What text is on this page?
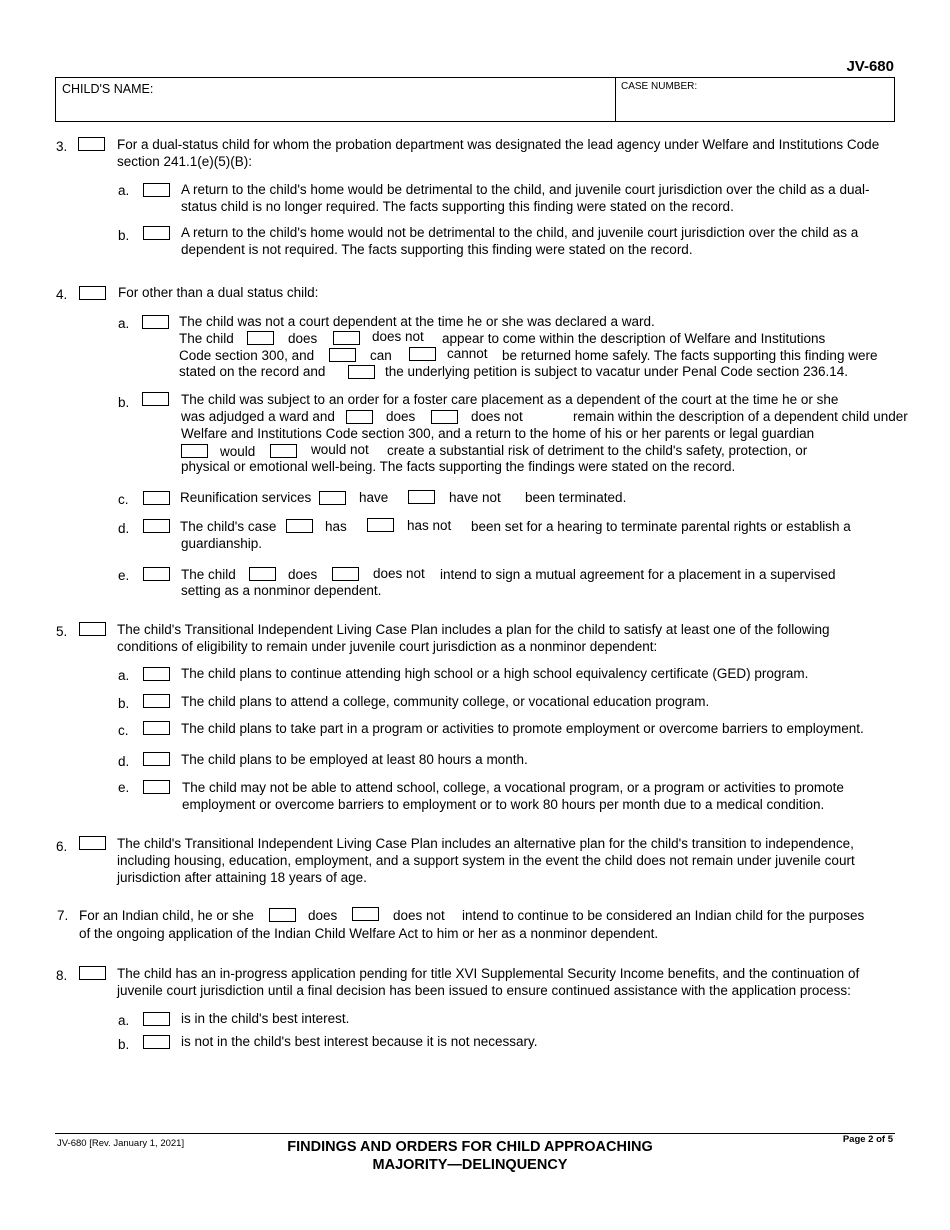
JV-680
CHILD'S NAME:	CASE NUMBER:
3.	For a dual-status child for whom the probation department was designated the lead agency under Welfare and Institutions Code section 241.1(e)(5)(B):
a.	A return to the child's home would be detrimental to the child, and juvenile court jurisdiction over the child as a dual-status child is no longer required. The facts supporting this finding were stated on the record.
b.	A return to the child's home would not be detrimental to the child, and juvenile court jurisdiction over the child as a dependent is not required. The facts supporting this finding were stated on the record.
4.	For other than a dual status child:
a.	The child was not a court dependent at the time he or she was declared a ward.
The child	does	does not appear to come within the description of Welfare and Institutions
Code section 300, and	can	cannot be returned home safely. The facts supporting this finding were
stated on the record and	the underlying petition is subject to vacatur under Penal Code section 236.14.
b.	The child was subject to an order for a foster care placement as a dependent of the court at the time he or she
was adjudged a ward and	does	does not	remain within the description of a dependent child under
Welfare and Institutions Code section 300, and a return to the home of his or her parents or legal guardian
would	would not create a substantial risk of detriment to the child's safety, protection, or
physical or emotional well-being. The facts supporting the findings were stated on the record.
c.	Reunification services	have	have not been terminated.
d.	The child's case	has	has not been set for a hearing to terminate parental rights or establish a
guardianship.
e.	The child	does	does not intend to sign a mutual agreement for a placement in a supervised
setting as a nonminor dependent.
5.	The child's Transitional Independent Living Case Plan includes a plan for the child to satisfy at least one of the following conditions of eligibility to remain under juvenile court jurisdiction as a nonminor dependent:
a.	The child plans to continue attending high school or a high school equivalency certificate (GED) program.
b.	The child plans to attend a college, community college, or vocational education program.
c.	The child plans to take part in a program or activities to promote employment or overcome barriers to employment.
d.	The child plans to be employed at least 80 hours a month.
e.	The child may not be able to attend school, college, a vocational program, or a program or activities to promote employment or overcome barriers to employment or to work 80 hours per month due to a medical condition.
6.	The child's Transitional Independent Living Case Plan includes an alternative plan for the child's transition to independence, including housing, education, employment, and a support system in the event the child does not remain under juvenile court jurisdiction after attaining 18 years of age.
7. For an Indian child, he or she	does	does not intend to continue to be considered an Indian child for the purposes
of the ongoing application of the Indian Child Welfare Act to him or her as a nonminor dependent.
8.	The child has an in-progress application pending for title XVI Supplemental Security Income benefits, and the continuation of juvenile court jurisdiction until a final decision has been issued to ensure continued assistance with the application process:
a.	is in the child's best interest.
b.	is not in the child's best interest because it is not necessary.
JV-680 [Rev. January 1, 2021]	FINDINGS AND ORDERS FOR CHILD APPROACHING
MAJORITY—DELINQUENCY
Page 2 of 5
